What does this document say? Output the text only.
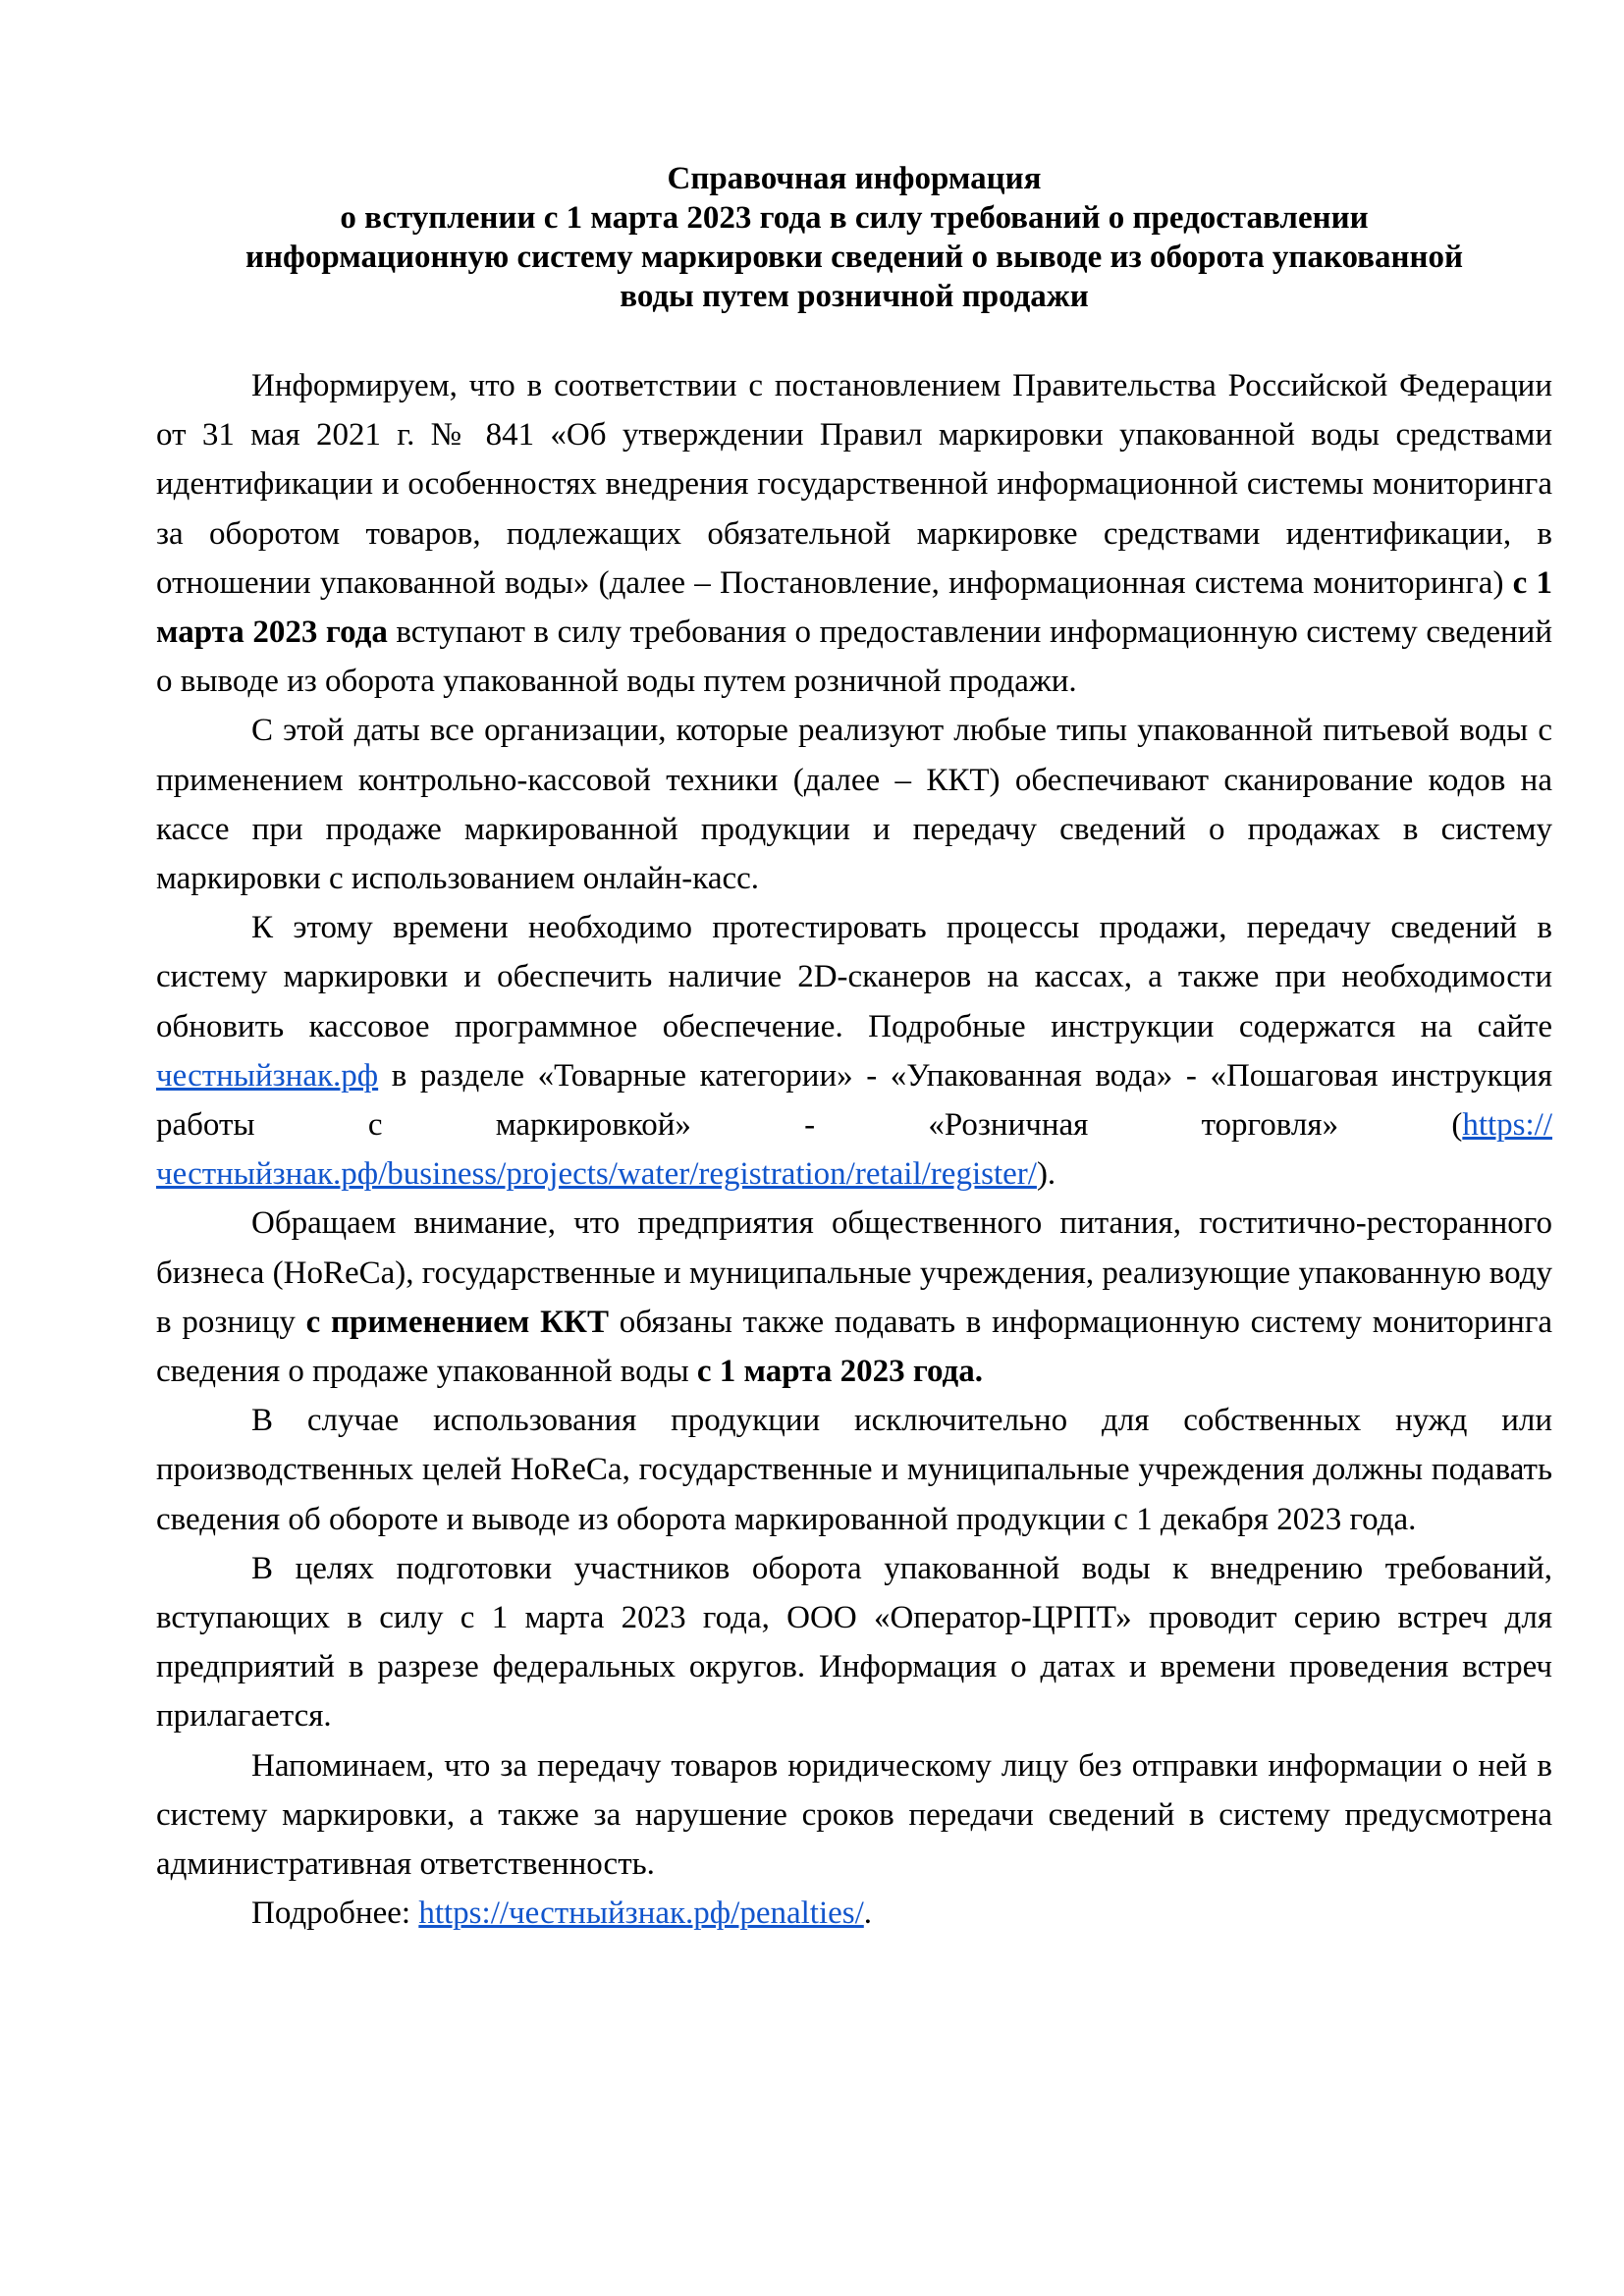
Справочная информация
о вступлении с 1 марта 2023 года в силу требований о предоставлении
информационную систему маркировки сведений о выводе из оборота упакованной
воды путем розничной продажи

Информируем, что в соответствии с постановлением Правительства Российской Федерации от 31 мая 2021 г. № 841 «Об утверждении Правил маркировки упакованной воды средствами идентификации и особенностях внедрения государственной информационной системы мониторинга за оборотом товаров, подлежащих обязательной маркировке средствами идентификации, в отношении упакованной воды» (далее – Постановление, информационная система мониторинга) с 1 марта 2023 года вступают в силу требования о предоставлении информационную систему сведений о выводе из оборота упакованной воды путем розничной продажи.

С этой даты все организации, которые реализуют любые типы упакованной питьевой воды с применением контрольно-кассовой техники (далее – ККТ) обеспечивают сканирование кодов на кассе при продаже маркированной продукции и передачу сведений о продажах в систему маркировки с использованием онлайн-касс.

К этому времени необходимо протестировать процессы продажи, передачу сведений в систему маркировки и обеспечить наличие 2D-сканеров на кассах, а также при необходимости обновить кассовое программное обеспечение. Подробные инструкции содержатся на сайте честныйзнак.рф в разделе «Товарные категории» - «Упакованная вода» - «Пошаговая инструкция работы с маркировкой» - «Розничная торговля» (https://честныйзнак.рф/business/projects/water/registration/retail/register/).

Обращаем внимание, что предприятия общественного питания, гоститично-ресторанного бизнеса (HoReCa), государственные и муниципальные учреждения, реализующие упакованную воду в розницу с применением ККТ обязаны также подавать в информационную систему мониторинга сведения о продаже упакованной воды с 1 марта 2023 года.

В случае использования продукции исключительно для собственных нужд или производственных целей HoReCa, государственные и муниципальные учреждения должны подавать сведения об обороте и выводе из оборота маркированной продукции с 1 декабря 2023 года.

В целях подготовки участников оборота упакованной воды к внедрению требований, вступающих в силу с 1 марта 2023 года, ООО «Оператор-ЦРПТ» проводит серию встреч для предприятий в разрезе федеральных округов. Информация о датах и времени проведения встреч прилагается.

Напоминаем, что за передачу товаров юридическому лицу без отправки информации о ней в систему маркировки, а также за нарушение сроков передачи сведений в систему предусмотрена административная ответственность.

Подробнее: https://честныйзнак.рф/penalties/.
